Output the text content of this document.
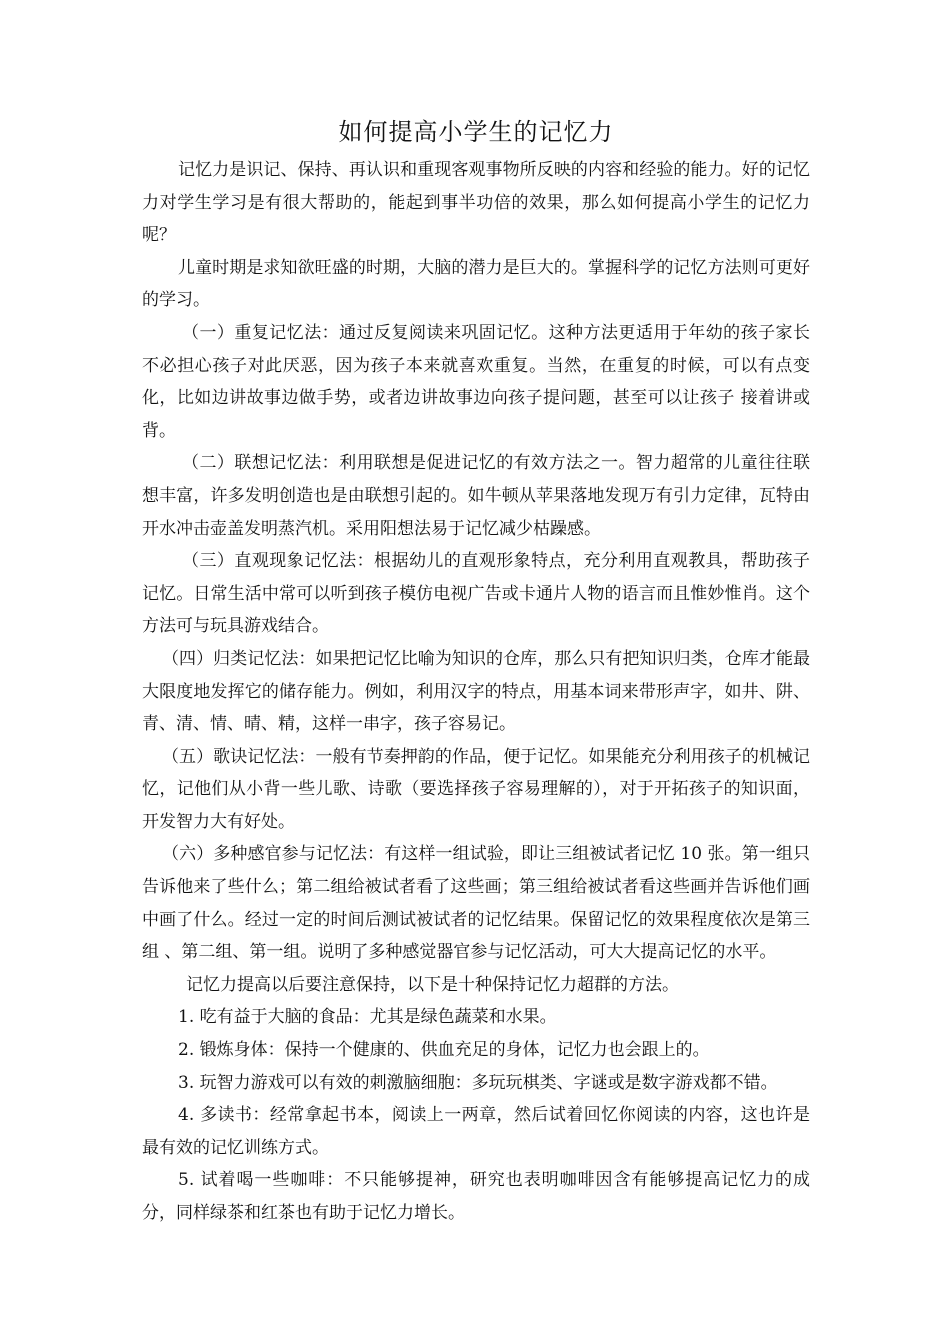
如何提高小学生的记忆力

记忆力是识记、保持、再认识和重现客观事物所反映的内容和经验的能力。好的记忆力对学生学习是有很大帮助的，能起到事半功倍的效果，那么如何提高小学生的记忆力呢？

儿童时期是求知欲旺盛的时期，大脑的潜力是巨大的。掌握科学的记忆方法则可更好的学习。

（一）重复记忆法：通过反复阅读来巩固记忆。这种方法更适用于年幼的孩子家长不必担心孩子对此厌恶，因为孩子本来就喜欢重复。当然，在重复的时候，可以有点变化，比如边讲故事边做手势，或者边讲故事边向孩子提问题，甚至可以让孩子 接着讲或背。

（二）联想记忆法：利用联想是促进记忆的有效方法之一。智力超常的儿童往往联想丰富，许多发明创造也是由联想引起的。如牛顿从苹果落地发现万有引力定律，瓦特由开水冲击壶盖发明蒸汽机。采用阳想法易于记忆减少枯躁感。

（三）直观现象记忆法：根据幼儿的直观形象特点，充分利用直观教具，帮助孩子记忆。日常生活中常可以听到孩子模仿电视广告或卡通片人物的语言而且惟妙惟肖。这个方法可与玩具游戏结合。

（四）归类记忆法：如果把记忆比喻为知识的仓库，那么只有把知识归类，仓库才能最大限度地发挥它的储存能力。例如，利用汉字的特点，用基本词来带形声字，如井、阱、青、清、情、晴、精，这样一串字，孩子容易记。

（五）歌诀记忆法：一般有节奏押韵的作品，便于记忆。如果能充分利用孩子的机械记忆，记他们从小背一些儿歌、诗歌（要选择孩子容易理解的），对于开拓孩子的知识面，开发智力大有好处。

（六）多种感官参与记忆法：有这样一组试验，即让三组被试者记忆 10 张。第一组只告诉他来了些什么；第二组给被试者看了这些画；第三组给被试者看这些画并告诉他们画中画了什么。经过一定的时间后测试被试者的记忆结果。保留记忆的效果程度依次是第三组 、第二组、第一组。说明了多种感觉器官参与记忆活动，可大大提高记忆的水平。

记忆力提高以后要注意保持，以下是十种保持记忆力超群的方法。

1. 吃有益于大脑的食品：尤其是绿色蔬菜和水果。

2. 锻炼身体：保持一个健康的、供血充足的身体，记忆力也会跟上的。

3. 玩智力游戏可以有效的刺激脑细胞：多玩玩棋类、字谜或是数字游戏都不错。

4. 多读书：经常拿起书本，阅读上一两章，然后试着回忆你阅读的内容，这也许是最有效的记忆训练方式。

5. 试着喝一些咖啡：不只能够提神，研究也表明咖啡因含有能够提高记忆力的成分，同样绿茶和红茶也有助于记忆力增长。
